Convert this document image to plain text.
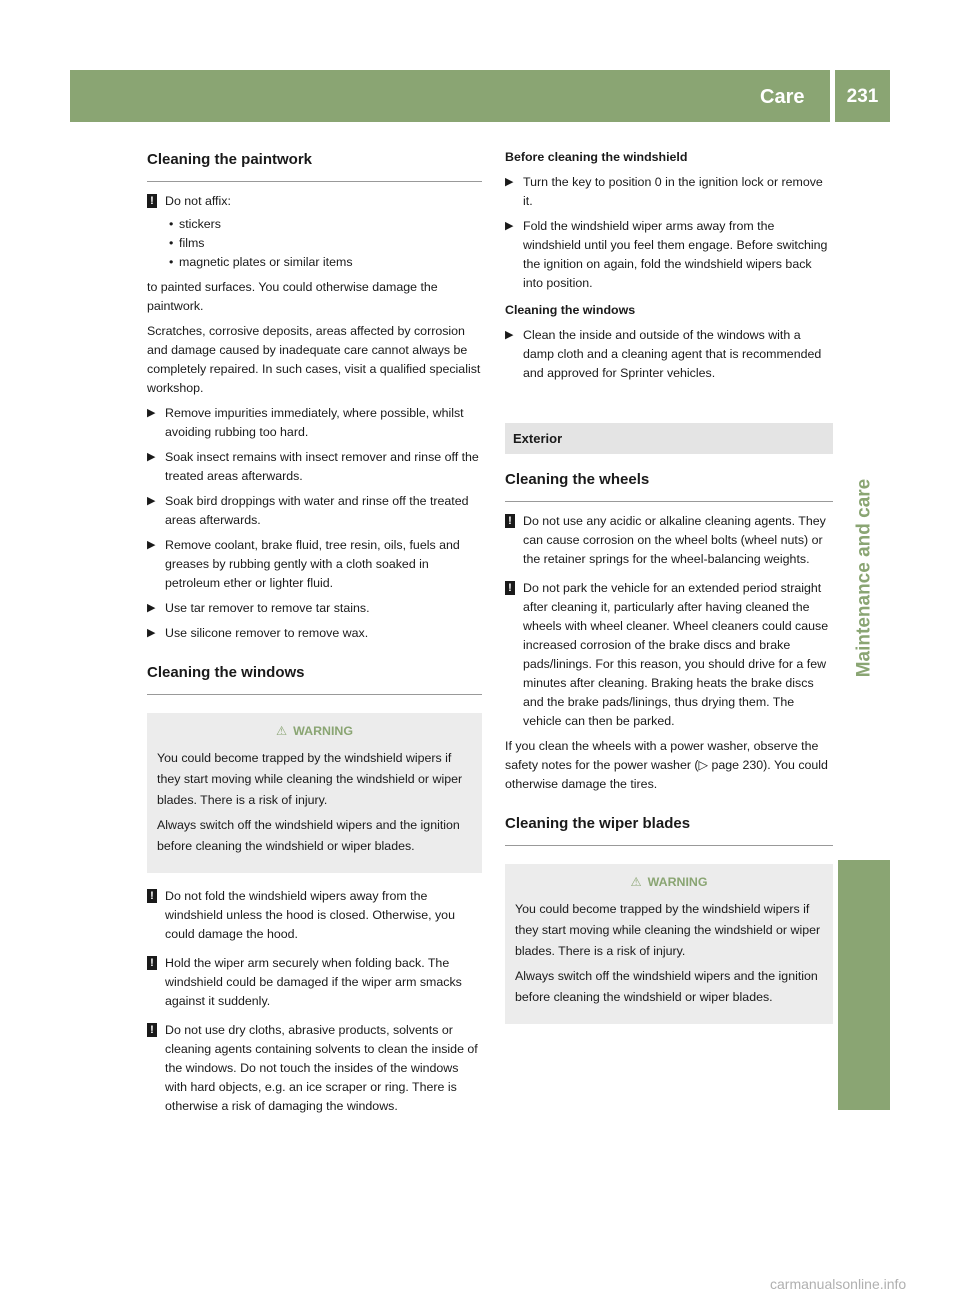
Care	231
Maintenance and care
Cleaning the paintwork
! Do not affix:
• stickers
• films
• magnetic plates or similar items

to painted surfaces. You could otherwise damage the paintwork.

Scratches, corrosive deposits, areas affected by corrosion and damage caused by inadequate care cannot always be completely repaired. In such cases, visit a qualified specialist workshop.

▶ Remove impurities immediately, where possible, whilst avoiding rubbing too hard.
▶ Soak insect remains with insect remover and rinse off the treated areas afterwards.
▶ Soak bird droppings with water and rinse off the treated areas afterwards.
▶ Remove coolant, brake fluid, tree resin, oils, fuels and greases by rubbing gently with a cloth soaked in petroleum ether or lighter fluid.
▶ Use tar remover to remove tar stains.
▶ Use silicone remover to remove wax.
Cleaning the windows
⚠ WARNING

You could become trapped by the windshield wipers if they start moving while cleaning the windshield or wiper blades. There is a risk of injury.

Always switch off the windshield wipers and the ignition before cleaning the windshield or wiper blades.

! Do not fold the windshield wipers away from the windshield unless the hood is closed. Otherwise, you could damage the hood.
! Hold the wiper arm securely when folding back. The windshield could be damaged if the wiper arm smacks against it suddenly.
! Do not use dry cloths, abrasive products, solvents or cleaning agents containing solvents to clean the inside of the windows. Do not touch the insides of the windows with hard objects, e.g. an ice scraper or ring. There is otherwise a risk of damaging the windows.
Before cleaning the windshield
▶ Turn the key to position 0 in the ignition lock or remove it.
▶ Fold the windshield wiper arms away from the windshield until you feel them engage. Before switching the ignition on again, fold the windshield wipers back into position.
Cleaning the windows
▶ Clean the inside and outside of the windows with a damp cloth and a cleaning agent that is recommended and approved for Sprinter vehicles.
Exterior
Cleaning the wheels
! Do not use any acidic or alkaline cleaning agents. They can cause corrosion on the wheel bolts (wheel nuts) or the retainer springs for the wheel-balancing weights.
! Do not park the vehicle for an extended period straight after cleaning it, particularly after having cleaned the wheels with wheel cleaner. Wheel cleaners could cause increased corrosion of the brake discs and brake pads/linings. For this reason, you should drive for a few minutes after cleaning. Braking heats the brake discs and the brake pads/linings, thus drying them. The vehicle can then be parked.

If you clean the wheels with a power washer, observe the safety notes for the power washer (▷ page 230). You could otherwise damage the tires.

Cleaning the wiper blades
⚠ WARNING

You could become trapped by the windshield wipers if they start moving while cleaning the windshield or wiper blades. There is a risk of injury.

Always switch off the windshield wipers and the ignition before cleaning the windshield or wiper blades.

carmanualsonline.info
